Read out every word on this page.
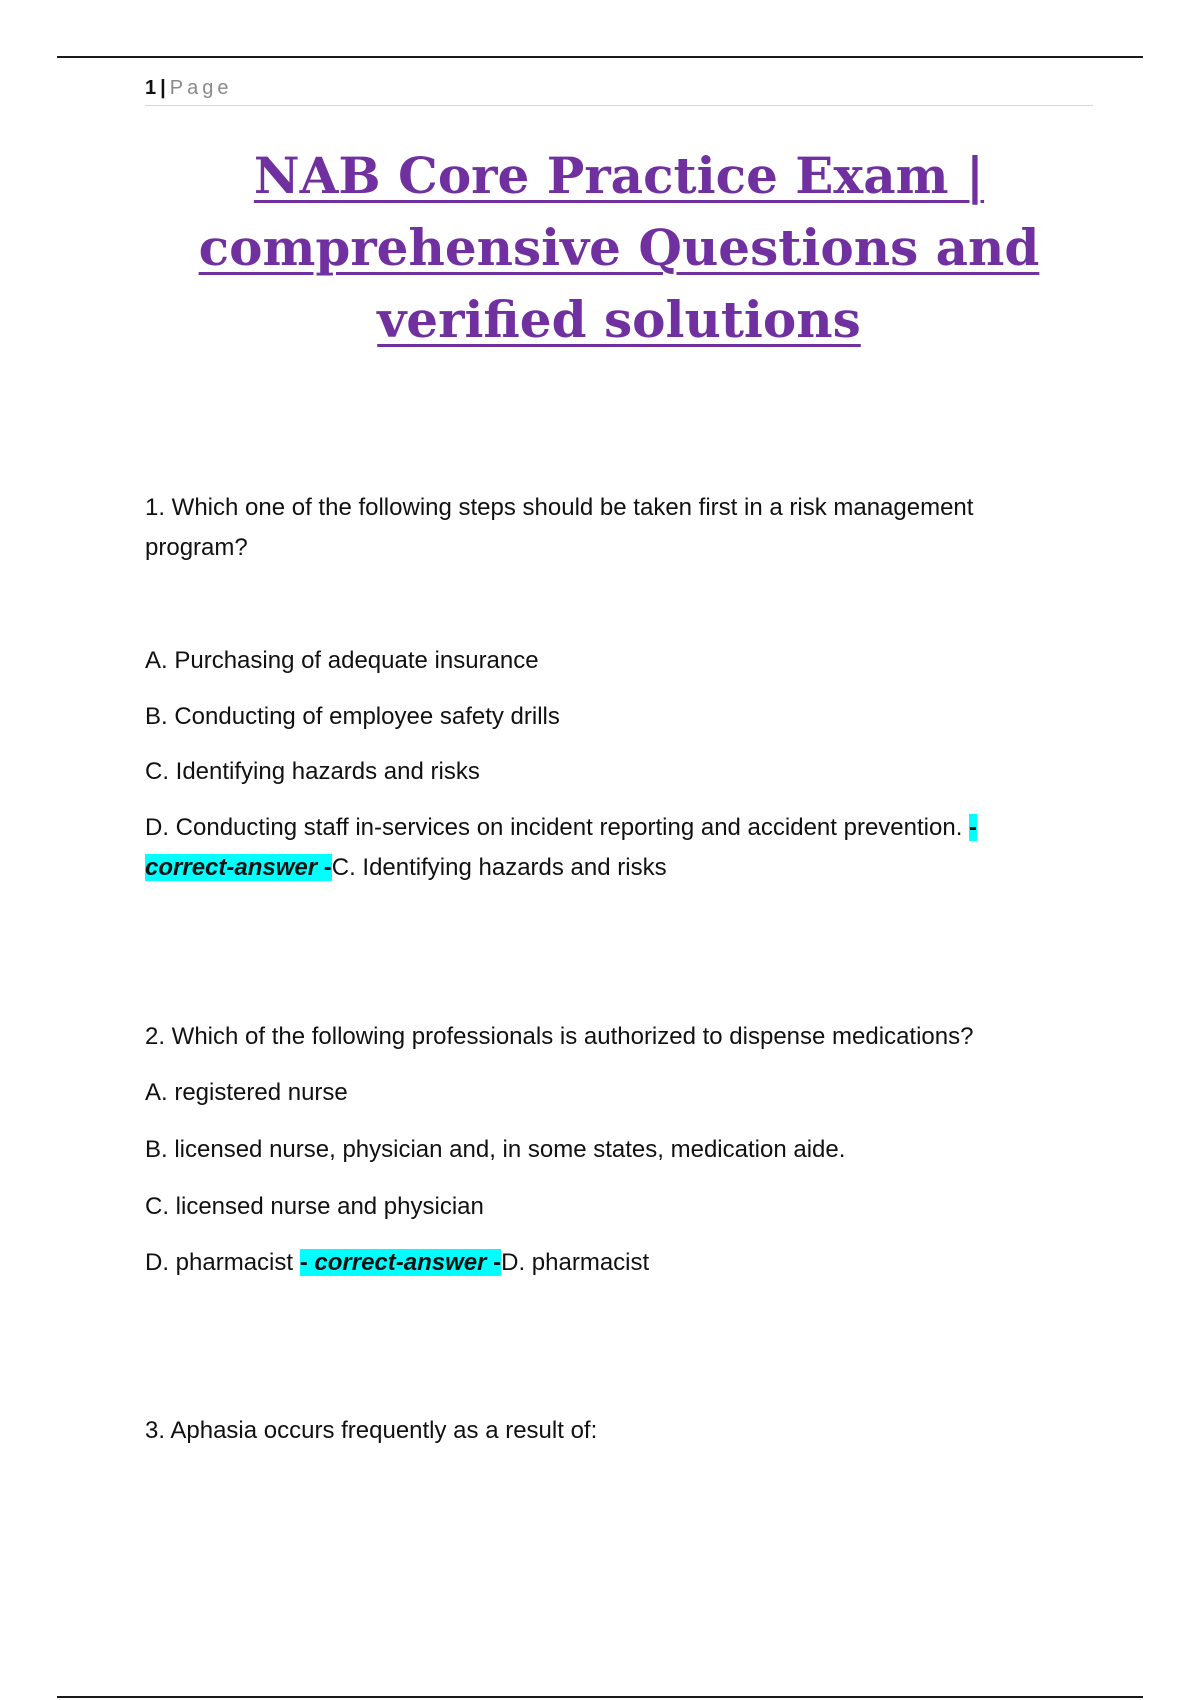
1 | Page
NAB Core Practice Exam |
comprehensive Questions and
verified solutions
1. Which one of the following steps should be taken first in a risk management
program?
A. Purchasing of adequate insurance
B. Conducting of employee safety drills
C. Identifying hazards and risks
D. Conducting staff in-services on incident reporting and accident prevention. -
correct-answer -C. Identifying hazards and risks
2. Which of the following professionals is authorized to dispense medications?
A. registered nurse
B. licensed nurse, physician and, in some states, medication aide.
C. licensed nurse and physician
D. pharmacist - correct-answer -D. pharmacist
3. Aphasia occurs frequently as a result of:
